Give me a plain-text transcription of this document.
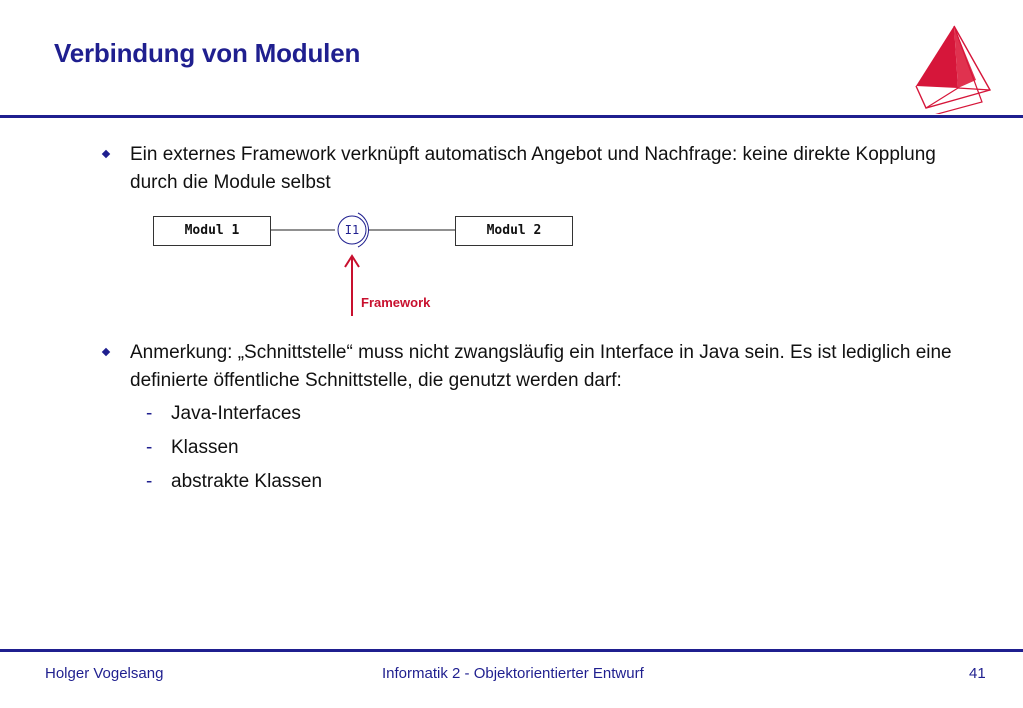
Verbindung von Modulen
Ein externes Framework verknüpft automatisch Angebot und Nachfrage: keine direkte Kopplung durch die Module selbst
I1
Framework
Modul 1	Modul 2
Anmerkung: „Schnittstelle“ muss nicht zwangsläufig ein Interface in Java sein. Es ist lediglich eine definierte öffentliche Schnittstelle, die genutzt werden darf:
- Java-Interfaces
- Klassen
- abstrakte Klassen
Holger Vogelsang	Informatik 2 - Objektorientierter Entwurf	41
